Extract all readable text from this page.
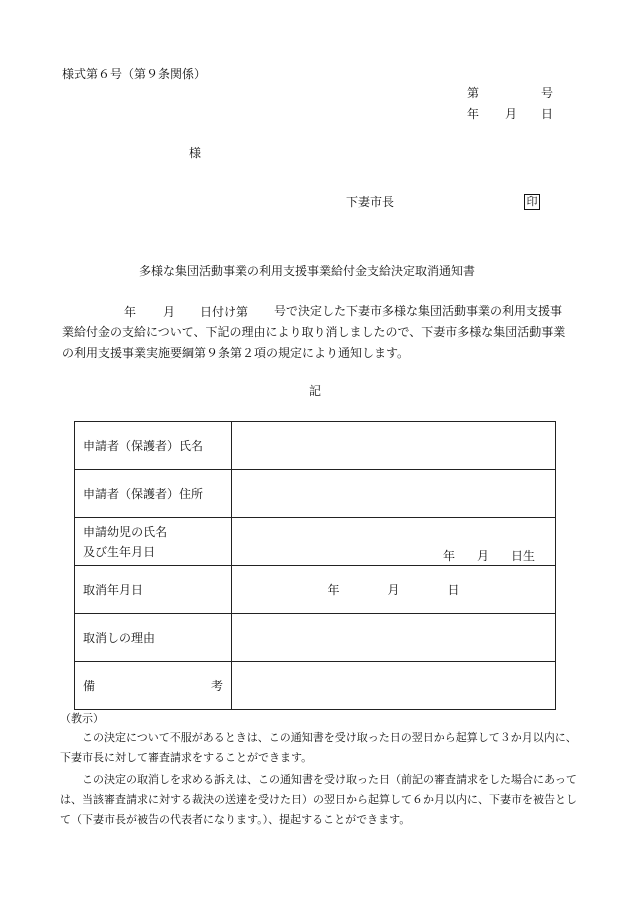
様式第６号（第９条関係）
第	号
年 月 日
様
下妻市長	印
多様な集団活動事業の利用支援事業給付金支給決定取消通知書
年 月 日付け第	号で決定した下妻市多様な集団活動事業の利用支援事業給付金の支給について、下記の理由により取り消しましたので、下妻市多様な集団活動事業の利用支援事業実施要綱第９条第２項の規定により通知します。
記
申請者（保護者）氏名	
申請者（保護者）住所	

申請幼児の氏名
及び生年月日	年 月 日生

取消年月日	年 月 日

取消しの理由	

備 考	

（教示）
この決定について不服があるときは、この通知書を受け取った日の翌日から起算して３か月以内に、下妻市長に対して審査請求をすることができます。
この決定の取消しを求める訴えは、この通知書を受け取った日（前記の審査請求をした場合にあっては、当該審査請求に対する裁決の送達を受けた日）の翌日から起算して６か月以内に、下妻市を被告として（下妻市長が被告の代表者になります。）、提起することができます。
